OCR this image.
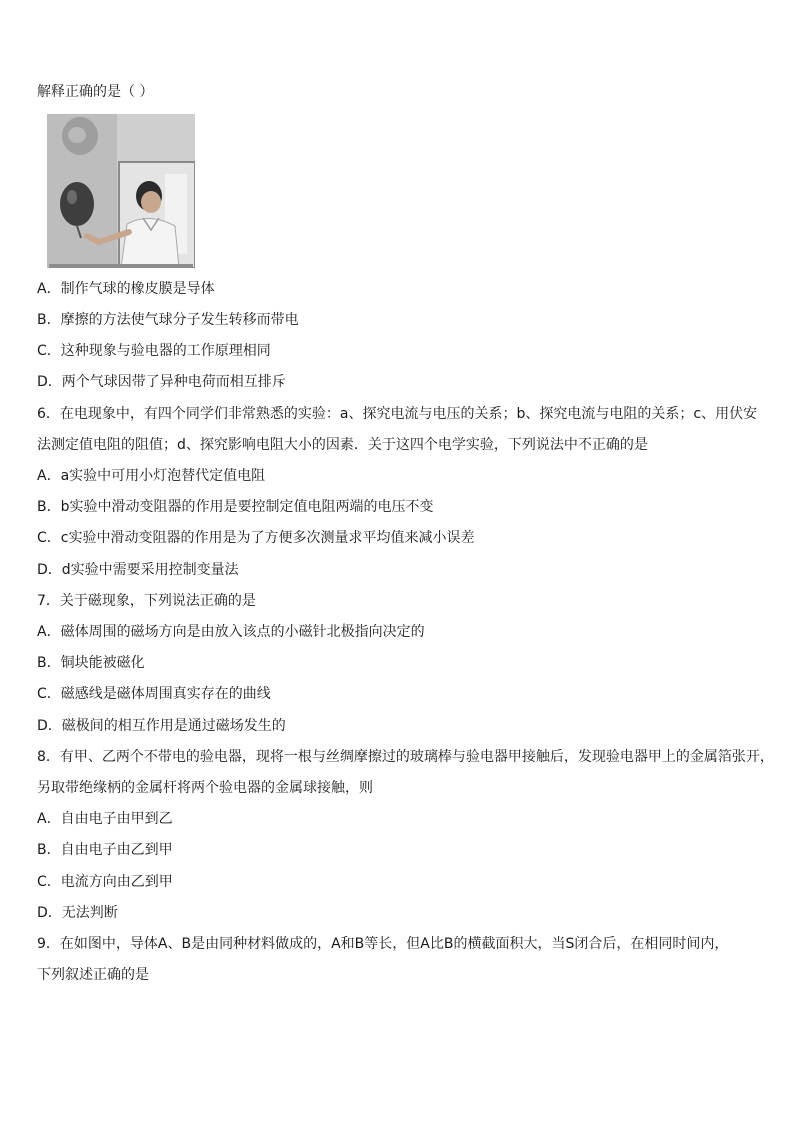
解释正确的是（ ）
A．制作气球的橡皮膜是导体
B．摩擦的方法使气球分子发生转移而带电
C．这种现象与验电器的工作原理相同
D．两个气球因带了异种电荷而相互排斥
6．在电现象中，有四个同学们非常熟悉的实验：a、探究电流与电压的关系；b、探究电流与电阻的关系；c、用伏安
法测定值电阻的阻值；d、探究影响电阻大小的因素．关于这四个电学实验，下列说法中不正确的是
A．a实验中可用小灯泡替代定值电阻
B．b实验中滑动变阻器的作用是要控制定值电阻两端的电压不变
C．c实验中滑动变阻器的作用是为了方便多次测量求平均值来减小误差
D．d实验中需要采用控制变量法
7．关于磁现象，下列说法正确的是
A．磁体周围的磁场方向是由放入该点的小磁针北极指向决定的
B．铜块能被磁化
C．磁感线是磁体周围真实存在的曲线
D．磁极间的相互作用是通过磁场发生的
8．有甲、乙两个不带电的验电器，现将一根与丝绸摩擦过的玻璃棒与验电器甲接触后，发现验电器甲上的金属箔张开，
另取带绝缘柄的金属杆将两个验电器的金属球接触，则
A．自由电子由甲到乙
B．自由电子由乙到甲
C．电流方向由乙到甲
D．无法判断
9．在如图中，导体A、B是由同种材料做成的，A和B等长，但A比B的横截面积大，当S闭合后，在相同时间内，
下列叙述正确的是
